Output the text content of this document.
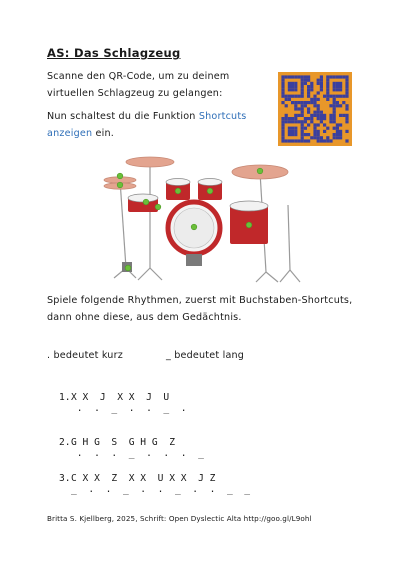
AS: Das Schlagzeug
Scanne den QR-Code, um zu deinem virtuellen Schlagzeug zu gelangen:
Nun schaltest du die Funktion Shortcuts anzeigen ein.
Spiele folgende Rhythmen, zuerst mit Buchstaben-Shortcuts, dann ohne diese, aus dem Gedächtnis.
. bedeutet kurz	_ bedeutet lang
1.X X  J  X X  J  U
.  .  _  .  .  _  .
2.G H G  S  G H G  Z
.  .  .  _  .  .  .  _
3.C X X  Z  X X  U X X  J Z
_  .  .  _  .  .  _  .  .  _  _
Britta S. Kjellberg, 2025, Schrift: Open Dyslectic Alta http://goo.gl/L9ohl
